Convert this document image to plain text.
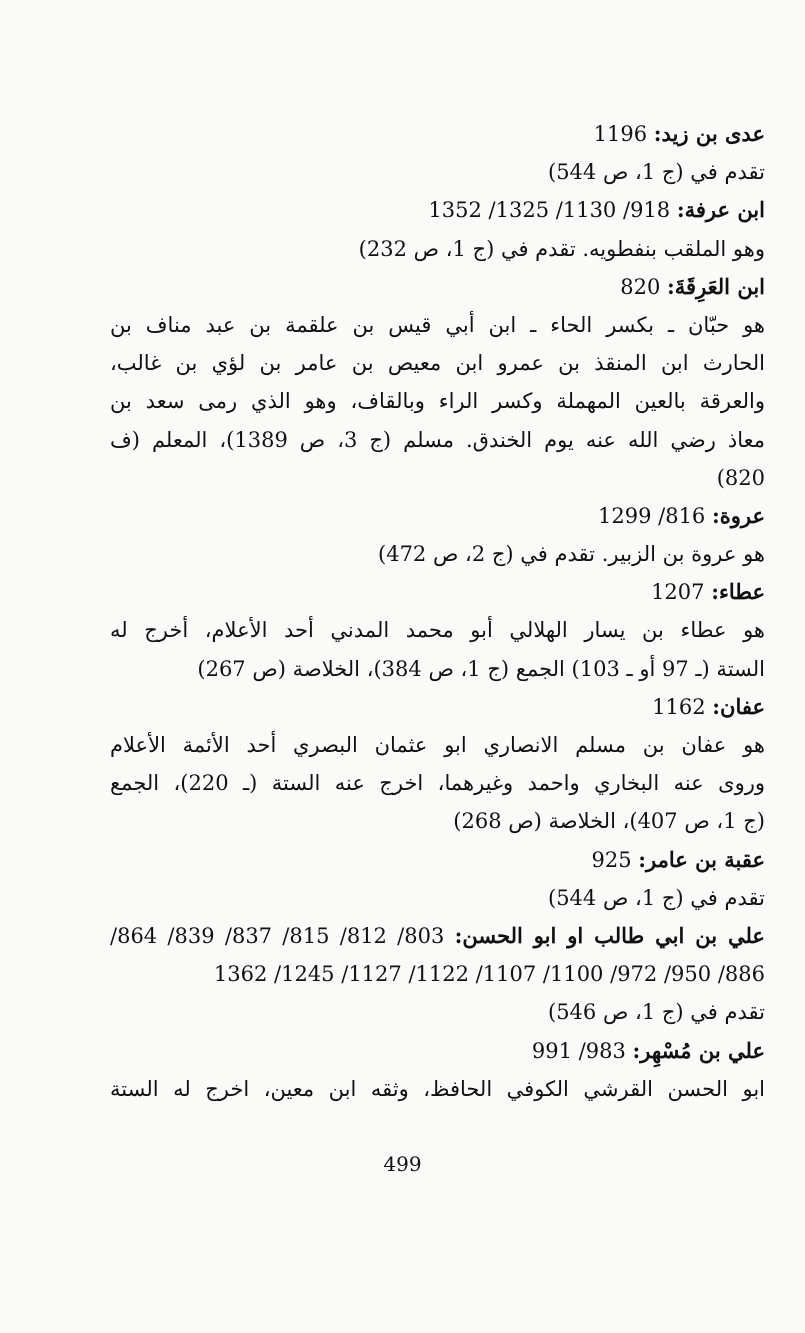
عدى بن زيد: 1196
تقدم في (ج 1، ص 544)
ابن عرفة: 918/ 1130/ 1325/ 1352
وهو الملقب بنفطويه. تقدم في (ج 1، ص 232)
ابن العَرِقَةَ: 820
هو حبّان ـ بكسر الحاء ـ ابن أبي قيس بن علقمة بن عبد مناف بن
الحارث ابن المنقذ بن عمرو ابن معيص بن عامر بن لؤي بن غالب،
والعرقة بالعين المهملة وكسر الراء وبالقاف، وهو الذي رمى سعد بن
معاذ رضي الله عنه يوم الخندق. مسلم (ج 3، ص 1389)، المعلم (ف
820)
عروة: 816/ 1299
هو عروة بن الزبير. تقدم في (ج 2، ص 472)
عطاء: 1207
هو عطاء بن يسار الهلالي أبو محمد المدني أحد الأعلام، أخرج له
الستة (ـ 97 أو ـ 103) الجمع (ج 1، ص 384)، الخلاصة (ص 267)
عفان: 1162
هو عفان بن مسلم الانصاري ابو عثمان البصري أحد الأئمة الأعلام
وروى عنه البخاري واحمد وغيرهما، اخرج عنه الستة (ـ 220)، الجمع
(ج 1، ص 407)، الخلاصة (ص 268)
عقبة بن عامر: 925
تقدم في (ج 1، ص 544)
علي بن ابي طالب او ابو الحسن: 803/ 812/ 815/ 837/ 839/ 864/
886/ 950/ 972/ 1100/ 1107/ 1122/ 1127/ 1245/ 1362
تقدم في (ج 1، ص 546)
علي بن مُسْهِر: 983/ 991
ابو الحسن القرشي الكوفي الحافظ، وثقه ابن معين، اخرج له الستة
499
